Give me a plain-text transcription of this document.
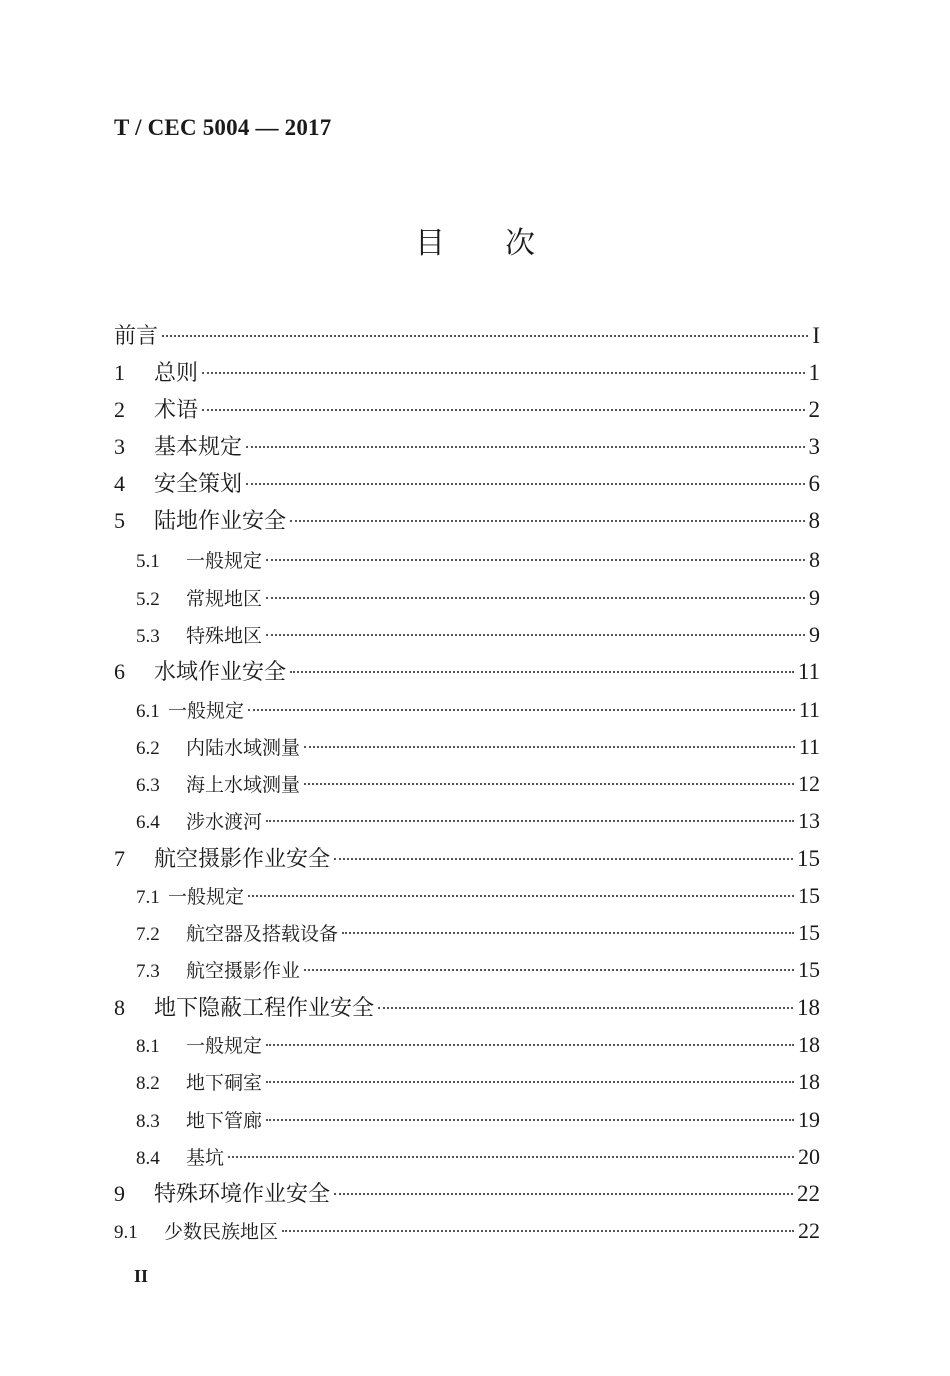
T / CEC 5004 — 2017

目 次
前言	I
1	总则	1
2	术语	2
3	基本规定	3
4	安全策划	6
5	陆地作业安全	8
5.1	一般规定	8
5.2	常规地区	9
5.3	特殊地区	9
6	水域作业安全	11
6.1 一般规定	11
6.2	内陆水域测量	11
6.3	海上水域测量	12
6.4	涉水渡河	13
7	航空摄影作业安全	15
7.1 一般规定	15
7.2	航空器及搭载设备	15
7.3	航空摄影作业	15
8	地下隐蔽工程作业安全	18
8.1	一般规定	18
8.2	地下硐室	18
8.3	地下管廊	19
8.4	基坑	20
9	特殊环境作业安全	22
9.1	少数民族地区	22

II
